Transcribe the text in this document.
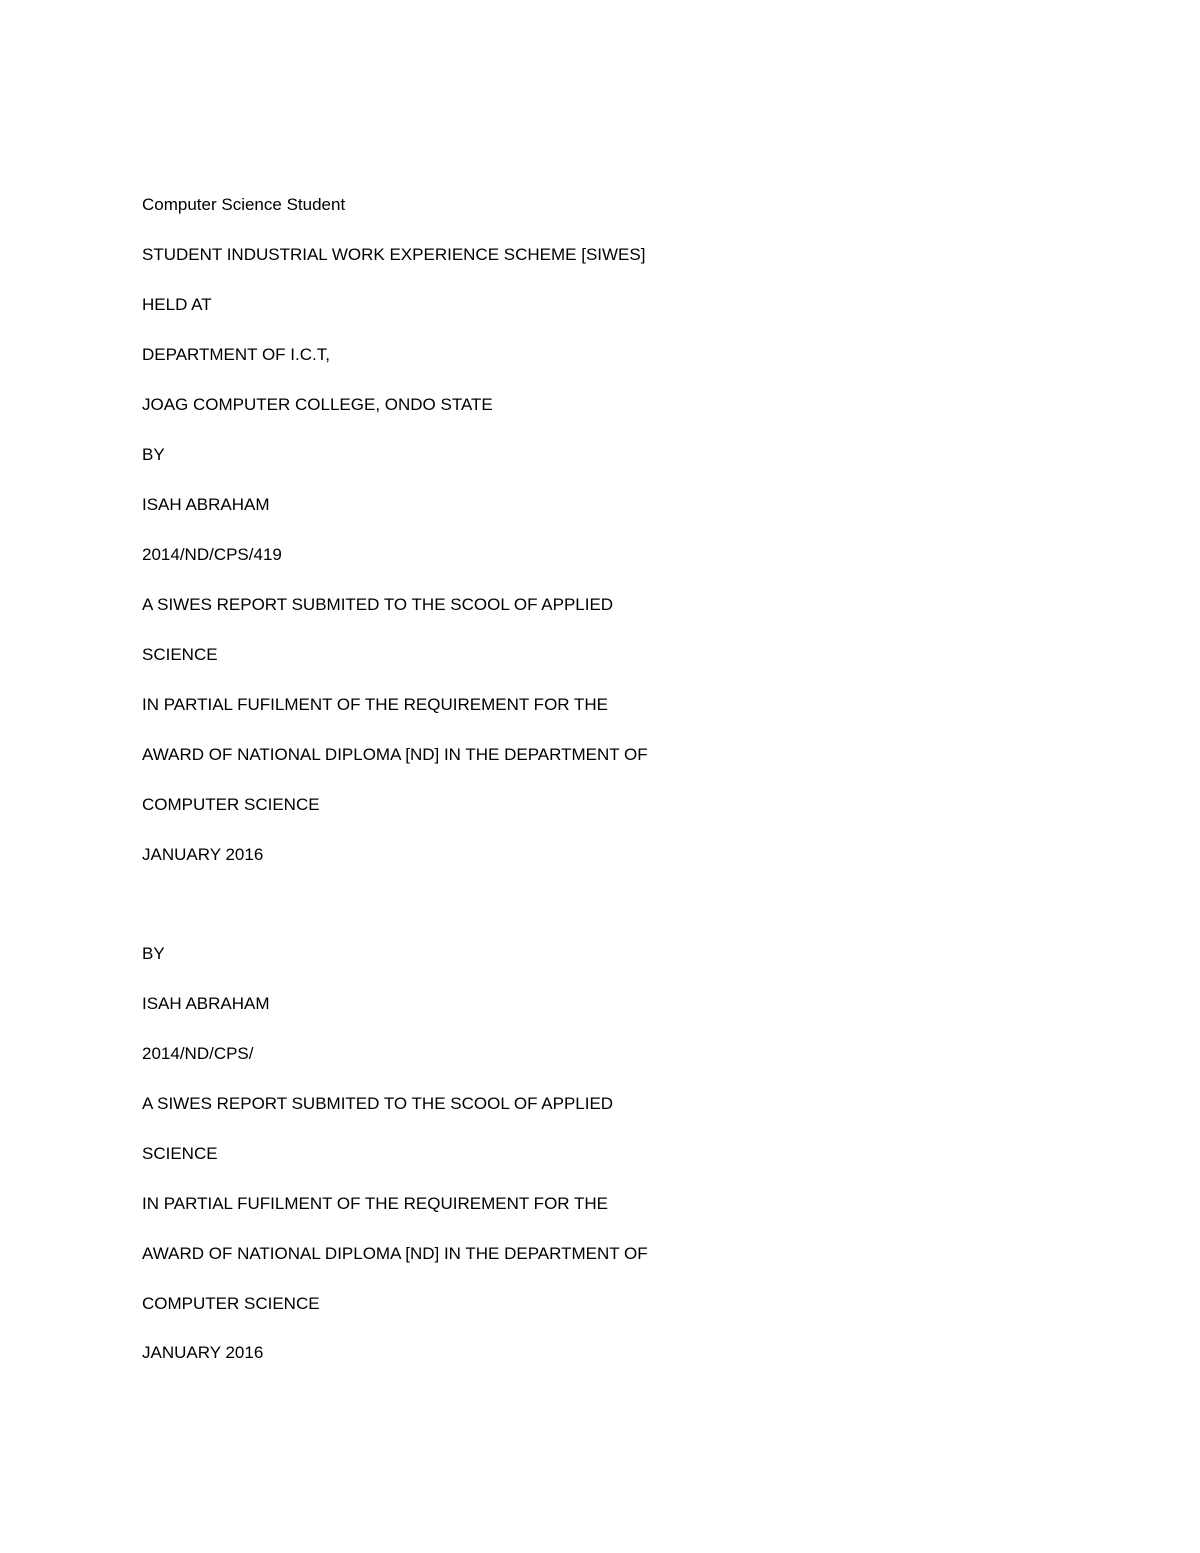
Computer Science Student

STUDENT INDUSTRIAL WORK EXPERIENCE SCHEME [SIWES]

HELD AT

DEPARTMENT OF I.C.T,

JOAG COMPUTER COLLEGE, ONDO STATE

BY

ISAH ABRAHAM

2014/ND/CPS/419

A SIWES REPORT SUBMITED TO THE SCOOL OF APPLIED

SCIENCE

IN PARTIAL FUFILMENT OF THE REQUIREMENT FOR THE

AWARD OF NATIONAL DIPLOMA [ND] IN THE DEPARTMENT OF

COMPUTER SCIENCE

JANUARY 2016

BY

ISAH ABRAHAM

2014/ND/CPS/

A SIWES REPORT SUBMITED TO THE SCOOL OF APPLIED

SCIENCE

IN PARTIAL FUFILMENT OF THE REQUIREMENT FOR THE

AWARD OF NATIONAL DIPLOMA [ND] IN THE DEPARTMENT OF

COMPUTER SCIENCE

JANUARY 2016
